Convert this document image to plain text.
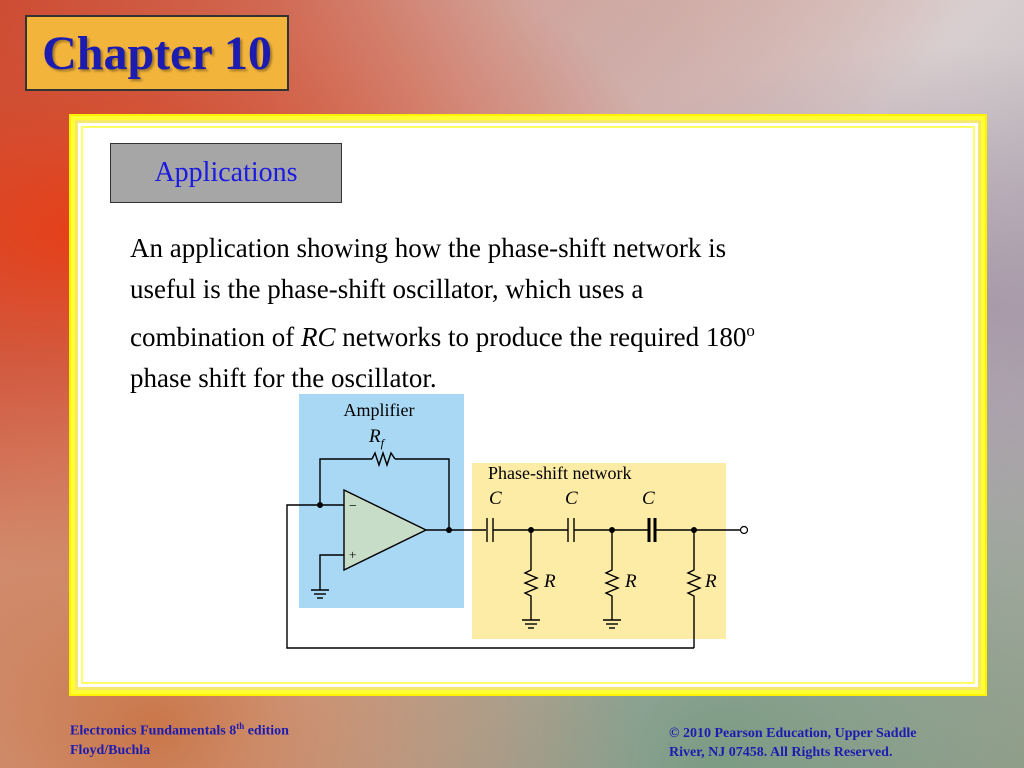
Chapter 10
Applications
An application showing how the phase-shift network is
useful is the phase-shift oscillator, which uses a
combination of RC networks to produce the required 180$^o$
phase shift for the oscillator.
Amplifier
$R_f$
Phase-shift network
−
+
C	C	C
R	R	R
Electronics Fundamentals 8th edition
Floyd/Buchla
© 2010 Pearson Education, Upper Saddle
River, NJ 07458. All Rights Reserved.
